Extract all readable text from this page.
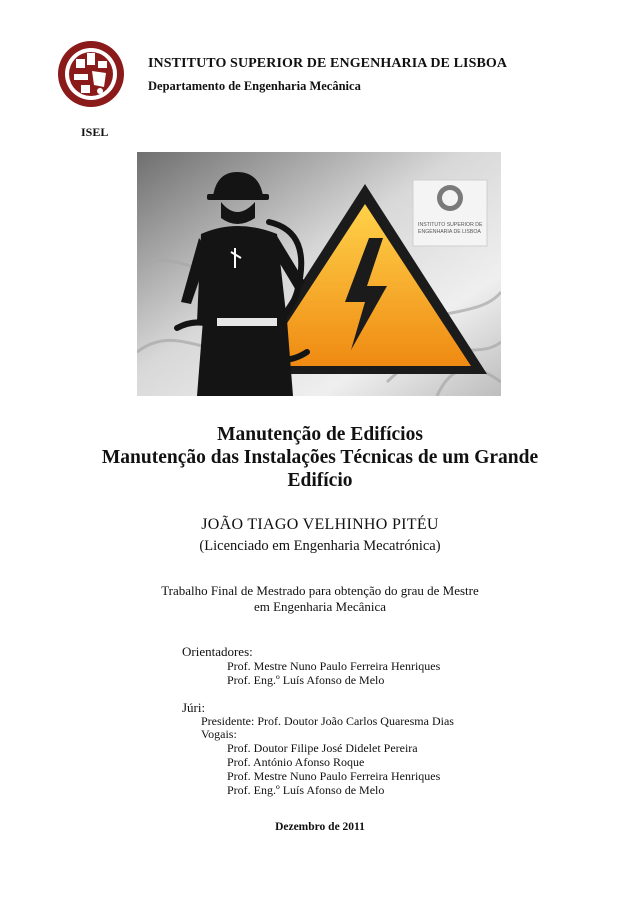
INSTITUTO SUPERIOR DE ENGENHARIA DE LISBOA
Departamento de Engenharia Mecânica
ISEL
INSTITUTO SUPERIOR DE
ENGENHARIA DE LISBOA
Manutenção de Edifícios
Manutenção das Instalações Técnicas de um Grande
Edifício
JOÃO TIAGO VELHINHO PITÉU
(Licenciado em Engenharia Mecatrónica)
Trabalho Final de Mestrado para obtenção do grau de Mestre
em Engenharia Mecânica
Orientadores:
Prof. Mestre Nuno Paulo Ferreira Henriques
Prof. Eng.º Luís Afonso de Melo
Júri:
Presidente: Prof. Doutor João Carlos Quaresma Dias
Vogais:
Prof. Doutor Filipe José Didelet Pereira
Prof. António Afonso Roque
Prof. Mestre Nuno Paulo Ferreira Henriques
Prof. Eng.º Luís Afonso de Melo
Dezembro de 2011
